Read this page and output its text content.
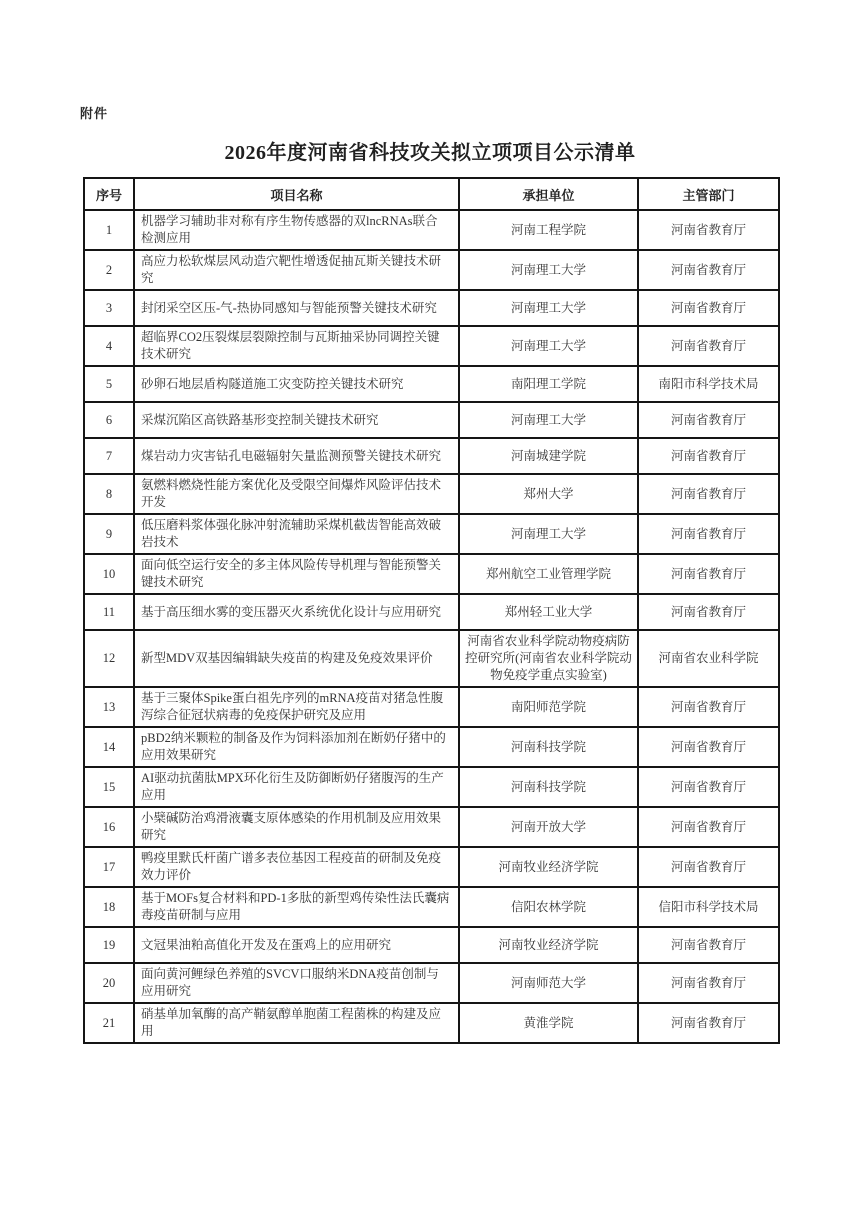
附件
2026年度河南省科技攻关拟立项项目公示清单
序号	项目名称	承担单位	主管部门
1	机器学习辅助非对称有序生物传感器的双lncRNAs联合检测应用	河南工程学院	河南省教育厅
2	高应力松软煤层风动造穴靶性增透促抽瓦斯关键技术研究	河南理工大学	河南省教育厅
3	封闭采空区压-气-热协同感知与智能预警关键技术研究	河南理工大学	河南省教育厅
4	超临界CO2压裂煤层裂隙控制与瓦斯抽采协同调控关键技术研究	河南理工大学	河南省教育厅
5	砂卵石地层盾构隧道施工灾变防控关键技术研究	南阳理工学院	南阳市科学技术局
6	采煤沉陷区高铁路基形变控制关键技术研究	河南理工大学	河南省教育厅
7	煤岩动力灾害钻孔电磁辐射矢量监测预警关键技术研究	河南城建学院	河南省教育厅
8	氨燃料燃烧性能方案优化及受限空间爆炸风险评估技术开发	郑州大学	河南省教育厅
9	低压磨料浆体强化脉冲射流辅助采煤机截齿智能高效破岩技术	河南理工大学	河南省教育厅
10	面向低空运行安全的多主体风险传导机理与智能预警关键技术研究	郑州航空工业管理学院	河南省教育厅
11	基于高压细水雾的变压器灭火系统优化设计与应用研究	郑州轻工业大学	河南省教育厅
12	新型MDV双基因编辑缺失疫苗的构建及免疫效果评价	河南省农业科学院动物疫病防控研究所(河南省农业科学院动物免疫学重点实验室)	河南省农业科学院
13	基于三聚体Spike蛋白祖先序列的mRNA疫苗对猪急性腹泻综合征冠状病毒的免疫保护研究及应用	南阳师范学院	河南省教育厅
14	pBD2纳米颗粒的制备及作为饲料添加剂在断奶仔猪中的应用效果研究	河南科技学院	河南省教育厅
15	AI驱动抗菌肽MPX环化衍生及防御断奶仔猪腹泻的生产应用	河南科技学院	河南省教育厅
16	小檗碱防治鸡滑液囊支原体感染的作用机制及应用效果研究	河南开放大学	河南省教育厅
17	鸭疫里默氏杆菌广谱多表位基因工程疫苗的研制及免疫效力评价	河南牧业经济学院	河南省教育厅
18	基于MOFs复合材料和PD-1多肽的新型鸡传染性法氏囊病毒疫苗研制与应用	信阳农林学院	信阳市科学技术局
19	文冠果油粕高值化开发及在蛋鸡上的应用研究	河南牧业经济学院	河南省教育厅
20	面向黄河鲤绿色养殖的SVCV口服纳米DNA疫苗创制与应用研究	河南师范大学	河南省教育厅
21	硝基单加氧酶的高产鞘氨醇单胞菌工程菌株的构建及应用	黄淮学院	河南省教育厅
